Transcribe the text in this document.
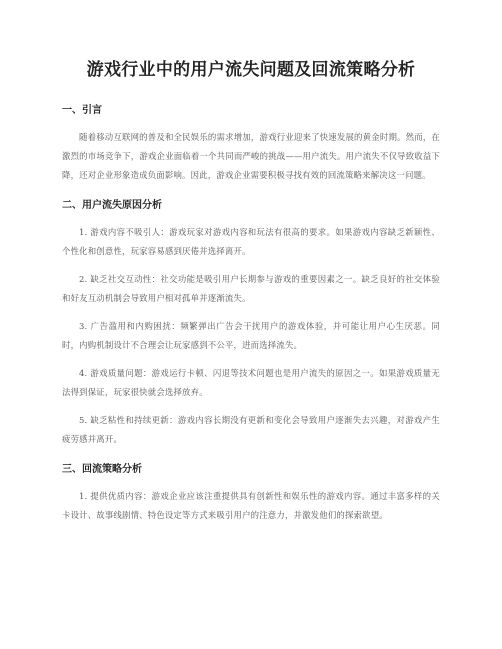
游戏行业中的用户流失问题及回流策略分析
一、引言

随着移动互联网的普及和全民娱乐的需求增加，游戏行业迎来了快速发展的黄金时期。然而，在激烈的市场竞争下，游戏企业面临着一个共同而严峻的挑战——用户流失。用户流失不仅导致收益下降，还对企业形象造成负面影响。因此，游戏企业需要积极寻找有效的回流策略来解决这一问题。

二、用户流失原因分析

1. 游戏内容不吸引人：游戏玩家对游戏内容和玩法有很高的要求。如果游戏内容缺乏新颖性、个性化和创意性，玩家容易感到厌倦并选择离开。

2. 缺乏社交互动性：社交功能是吸引用户长期参与游戏的重要因素之一。缺乏良好的社交体验和好友互动机制会导致用户相对孤单并逐渐流失。

3. 广告滥用和内购困扰：频繁弹出广告会干扰用户的游戏体验，并可能让用户心生厌恶。同时，内购机制设计不合理会让玩家感到不公平，进而选择流失。

4. 游戏质量问题：游戏运行卡顿、闪退等技术问题也是用户流失的原因之一。如果游戏质量无法得到保证，玩家很快就会选择放弃。

5. 缺乏粘性和持续更新：游戏内容长期没有更新和变化会导致用户逐渐失去兴趣，对游戏产生疲劳感并离开。

三、回流策略分析

1. 提供优质内容：游戏企业应该注重提供具有创新性和娱乐性的游戏内容。通过丰富多样的关卡设计、故事线剧情、特色设定等方式来吸引用户的注意力，并激发他们的探索欲望。
